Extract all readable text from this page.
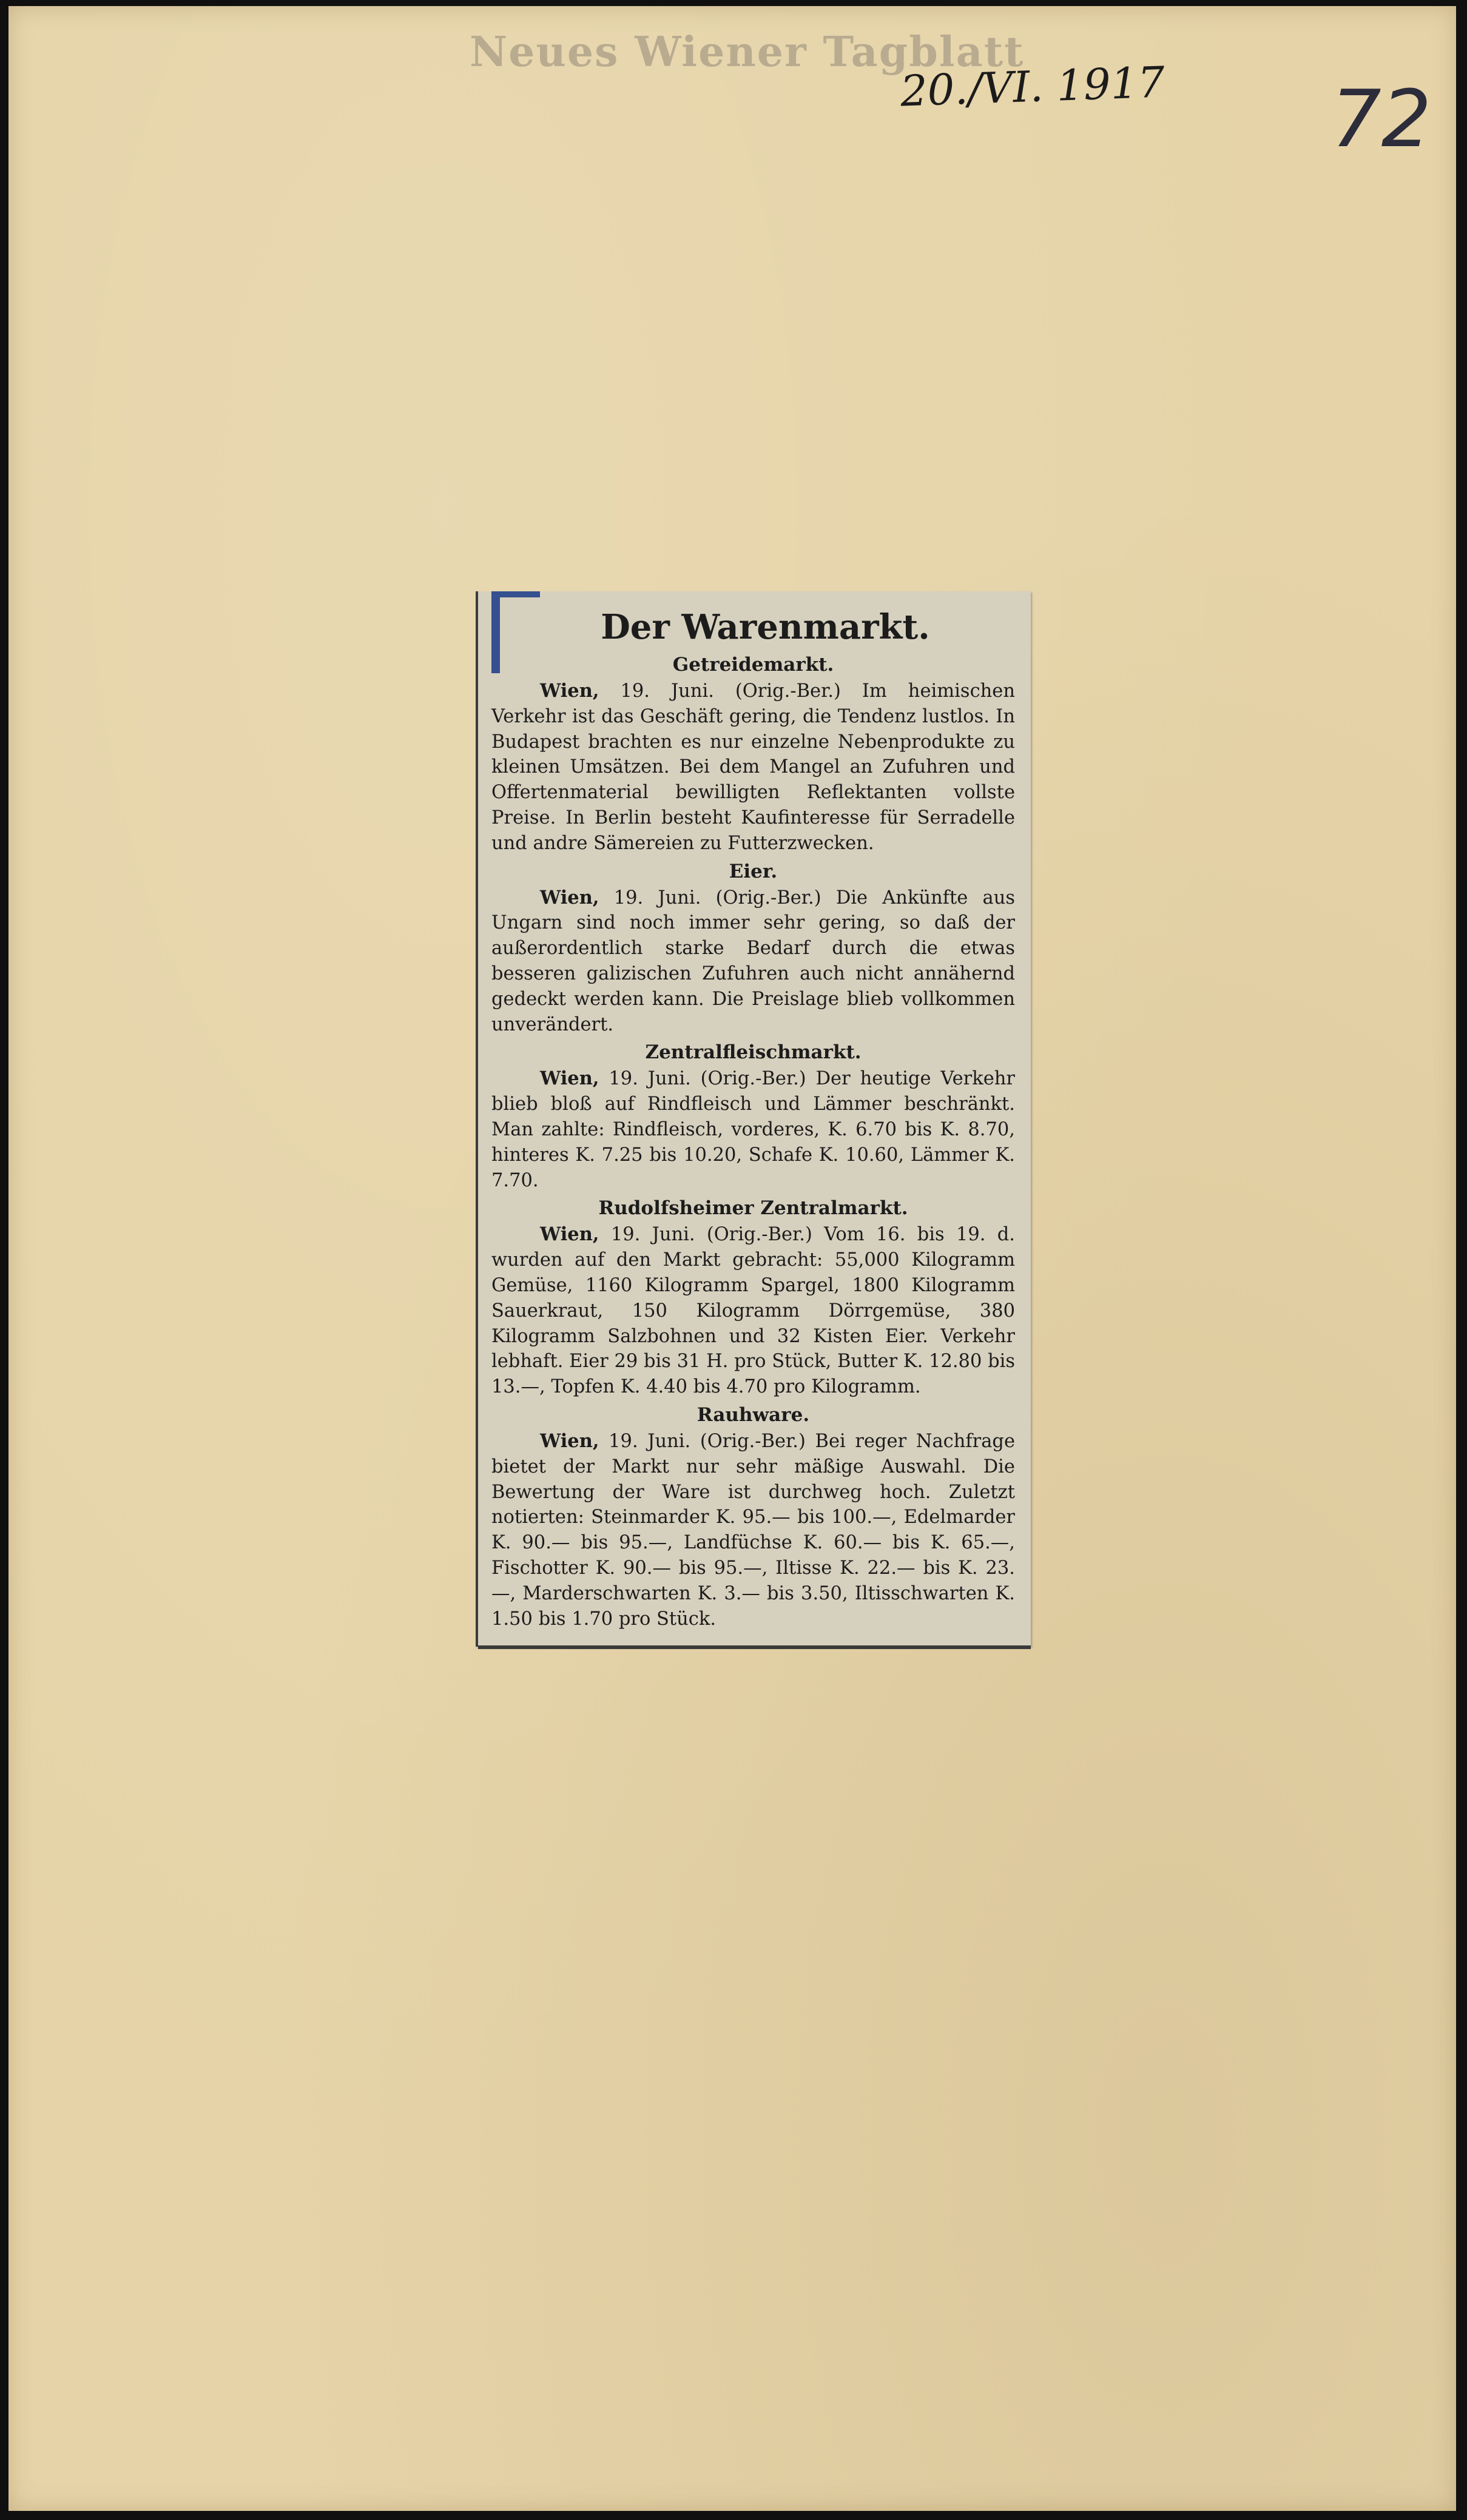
Neues Wiener Tagblatt
20./VI. 1917 72
Der Warenmarkt.
Getreidemarkt.

Wien, 19. Juni. (Orig.-Ber.) Im heimischen Verkehr ist das Geschäft gering, die Tendenz lustlos. In Budapest brachten es nur einzelne Nebenprodukte zu kleinen Umsätzen. Bei dem Mangel an Zufuhren und Offertenmaterial bewilligten Reflektanten vollste Preise. In Berlin besteht Kaufinteresse für Serradelle und andre Sämereien zu Futterzwecken.

Eier.

Wien, 19. Juni. (Orig.-Ber.) Die Ankünfte aus Ungarn sind noch immer sehr gering, so daß der außerordentlich starke Bedarf durch die etwas besseren galizischen Zufuhren auch nicht annähernd gedeckt werden kann. Die Preislage blieb vollkommen unverändert.

Zentralfleischmarkt.

Wien, 19. Juni. (Orig.-Ber.) Der heutige Verkehr blieb bloß auf Rindfleisch und Lämmer beschränkt. Man zahlte: Rindfleisch, vorderes, K. 6.70 bis K. 8.70, hinteres K. 7.25 bis 10.20, Schafe K. 10.60, Lämmer K. 7.70.

Rudolfsheimer Zentralmarkt.

Wien, 19. Juni. (Orig.-Ber.) Vom 16. bis 19. d. wurden auf den Markt gebracht: 55,000 Kilogramm Gemüse, 1160 Kilogramm Spargel, 1800 Kilogramm Sauerkraut, 150 Kilogramm Dörrgemüse, 380 Kilogramm Salzbohnen und 32 Kisten Eier. Verkehr lebhaft. Eier 29 bis 31 H. pro Stück, Butter K. 12.80 bis 13.—, Topfen K. 4.40 bis 4.70 pro Kilogramm.

Rauhware.

Wien, 19. Juni. (Orig.-Ber.) Bei reger Nachfrage bietet der Markt nur sehr mäßige Auswahl. Die Bewertung der Ware ist durchweg hoch. Zuletzt notierten: Steinmarder K. 95.— bis 100.—, Edelmarder K. 90.— bis 95.—, Landfüchse K. 60.— bis K. 65.—, Fischotter K. 90.— bis 95.—, Iltisse K. 22.— bis K. 23.—, Marderschwarten K. 3.— bis 3.50, Iltisschwarten K. 1.50 bis 1.70 pro Stück.
